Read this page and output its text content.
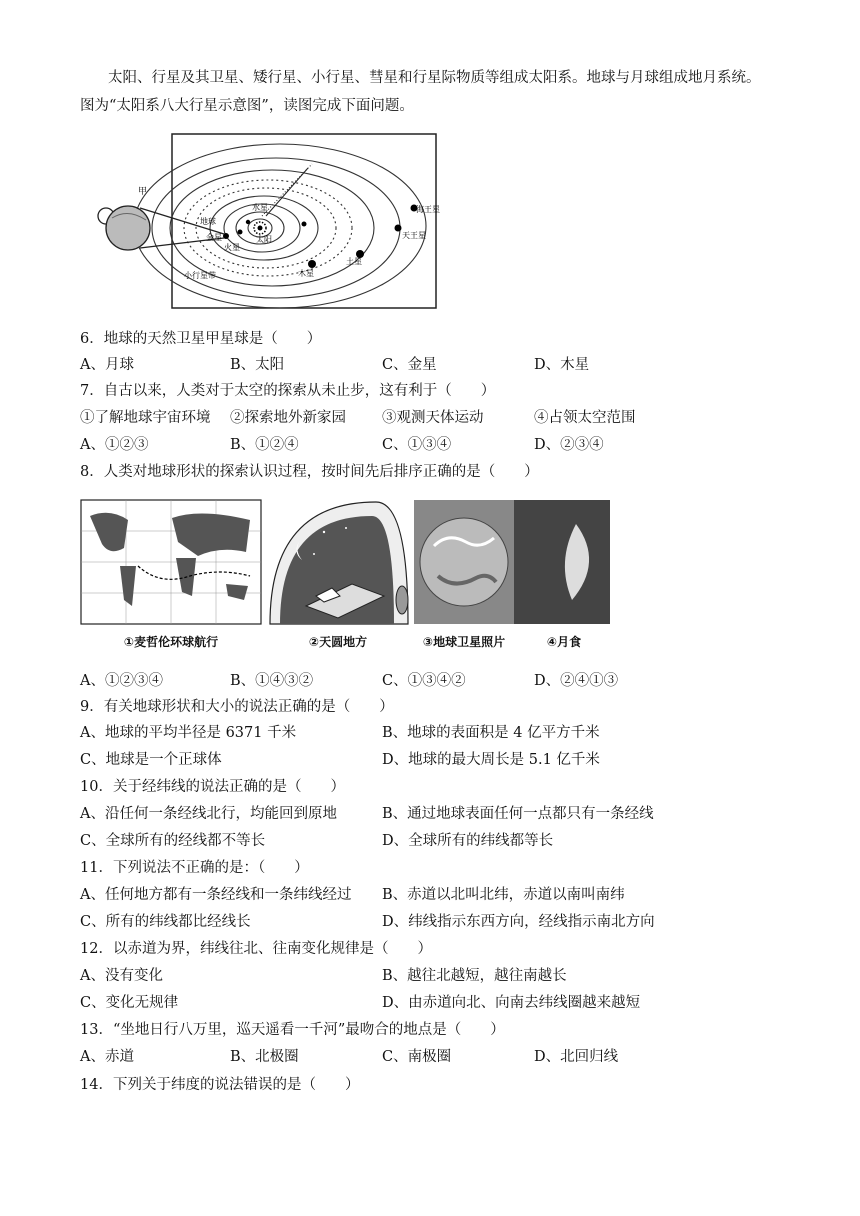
太阳、行星及其卫星、矮行星、小行星、彗星和行星际物质等组成太阳系。地球与月球组成地月系统。
图为“太阳系八大行星示意图”，读图完成下面问题。
甲
地球
金星
水星
太阳
火星
木星
土星
天王星
海王星
小行星带
6．地球的天然卫星甲星球是（　　）
A、月球	B、太阳	C、金星	D、木星
7．自古以来，人类对于太空的探索从未止步，这有利于（　　）
①了解地球宇宙环境 ②探索地外新家园 ③观测天体运动	④占领太空范围
A、①②③	B、①②④	C、①③④	D、②③④
8．人类对地球形状的探索认识过程，按时间先后排序正确的是（　　）
①麦哲伦环球航行	②天圆地方	③地球卫星照片	④月食
A、①②③④	B、①④③②	C、①③④②	D、②④①③
9．有关地球形状和大小的说法正确的是（　　）
A、地球的平均半径是 6371 千米	B、地球的表面积是 4 亿平方千米
C、地球是一个正球体	D、地球的最大周长是 5.1 亿千米
10．关于经纬线的说法正确的是（　　）
A、沿任何一条经线北行，均能回到原地	B、通过地球表面任何一点都只有一条经线
C、全球所有的经线都不等长	D、全球所有的纬线都等长
11．下列说法不正确的是：（　　）
A、任何地方都有一条经线和一条纬线经过 B、赤道以北叫北纬，赤道以南叫南纬
C、所有的纬线都比经线长	D、纬线指示东西方向，经线指示南北方向
12．以赤道为界，纬线往北、往南变化规律是（　　）
A、没有变化	B、越往北越短，越往南越长
C、变化无规律	D、由赤道向北、向南去纬线圈越来越短
13．“坐地日行八万里，巡天遥看一千河”最吻合的地点是（　　）
A、赤道	B、北极圈	C、南极圈	D、北回归线
14．下列关于纬度的说法错误的是（　　）
